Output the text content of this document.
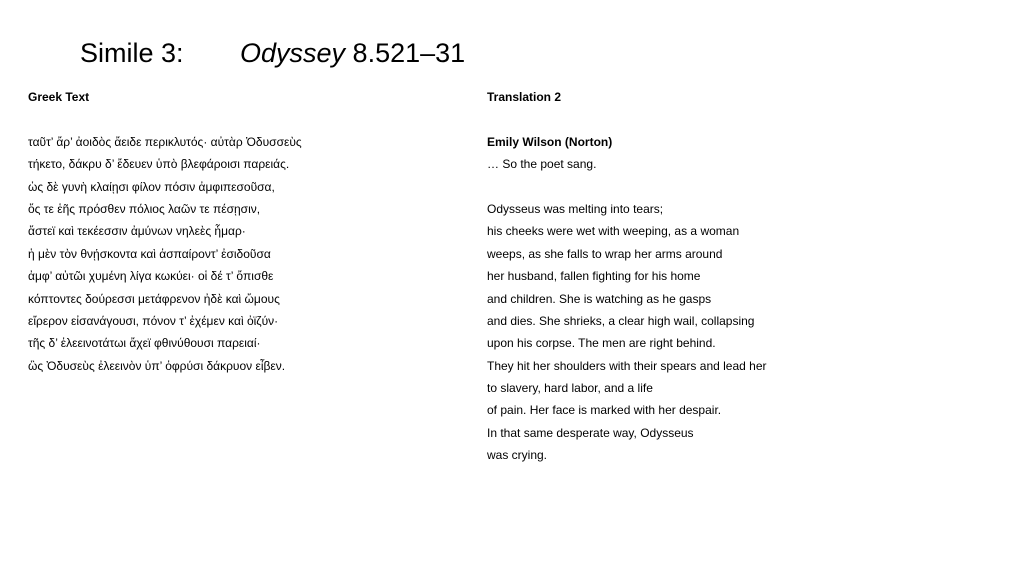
Simile 3: Odyssey 8.521–31
Greek Text
ταῦτ’ ἄρ’ ἀοιδὸς ἄειδε περικλυτός· αὐτὰρ Ὀδυσσεὺς
τήκετο, δάκρυ δ’ ἔδευεν ὑπὸ βλεφάροισι παρειάς.
ὡς δὲ γυνὴ κλαίῃσι φίλον πόσιν ἀμφιπεσοῦσα,
ὅς τε ἑῆς πρόσθεν πόλιος λαῶν τε πέσῃσιν,
ἄστεϊ καὶ τεκέεσσιν ἀμύνων νηλεὲς ἦμαρ·
ἡ μὲν τὸν θνῄσκοντα καὶ ἀσπαίροντ’ ἐσιδοῦσα
ἀμφ’ αὐτῶι χυμένη λίγα κωκύει· οἱ δέ τ’ ὄπισθε
κόπτοντες δούρεσσι μετάφρενον ἠδὲ καὶ ὤμους
εἴρερον εἰσανάγουσι, πόνον τ’ ἐχέμεν καὶ ὀϊζύν·
τῆς δ’ ἐλεεινοτάτωι ἄχεϊ φθινύθουσι παρειαί·
ὣς Ὀδυσεὺς ἐλεεινὸν ὑπ’ ὀφρύσι δάκρυον εἶβεν.
Translation 2
Emily Wilson (Norton)
… So the poet sang.
Odysseus was melting into tears;
his cheeks were wet with weeping, as a woman
weeps, as she falls to wrap her arms around
her husband, fallen fighting for his home
and children. She is watching as he gasps
and dies. She shrieks, a clear high wail, collapsing
upon his corpse. The men are right behind.
They hit her shoulders with their spears and lead her
to slavery, hard labor, and a life
of pain. Her face is marked with her despair.
In that same desperate way, Odysseus
was crying.
